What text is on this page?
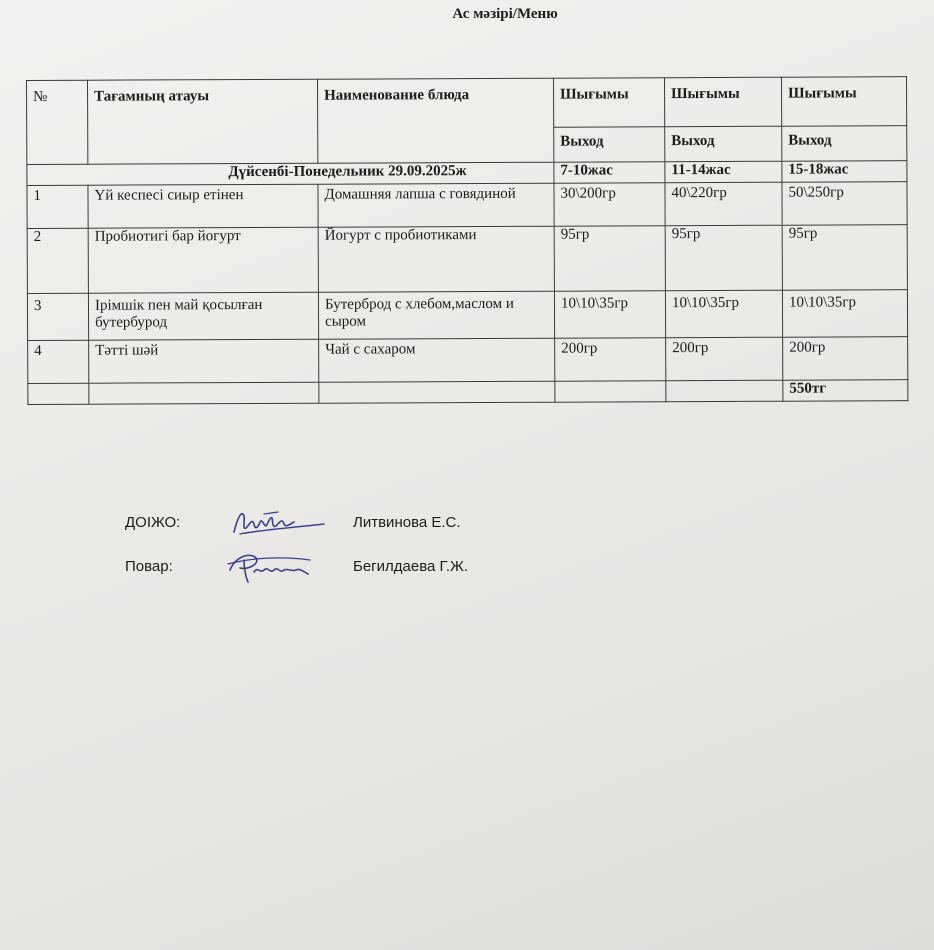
Ас мәзірі/Меню
№	Тағамның атауы	Наименование блюда	Шығымы	Шығымы	Шығымы
			Выход	Выход	Выход
Дүйсенбі-Понедельник 29.09.2025ж			7-10жас	11-14жас	15-18жас
1	Үй кеспесі сиыр етінен	Домашняя лапша с говядиной	30\200гр	40\220гр	50\250гр
2	Пробиотигі бар йогурт	Йогурт с пробиотиками	95гр	95гр	95гр
3	Ірімшік пен май қосылған бутербурод	Бутерброд с хлебом,маслом и сыром	10\10\35гр	10\10\35гр	10\10\35гр
4	Тәтті шәй	Чай с сахаром	200гр	200гр	200гр
					550тг
ДОІЖО:	Литвинова Е.С.
Повар:	Бегилдаева Г.Ж.
